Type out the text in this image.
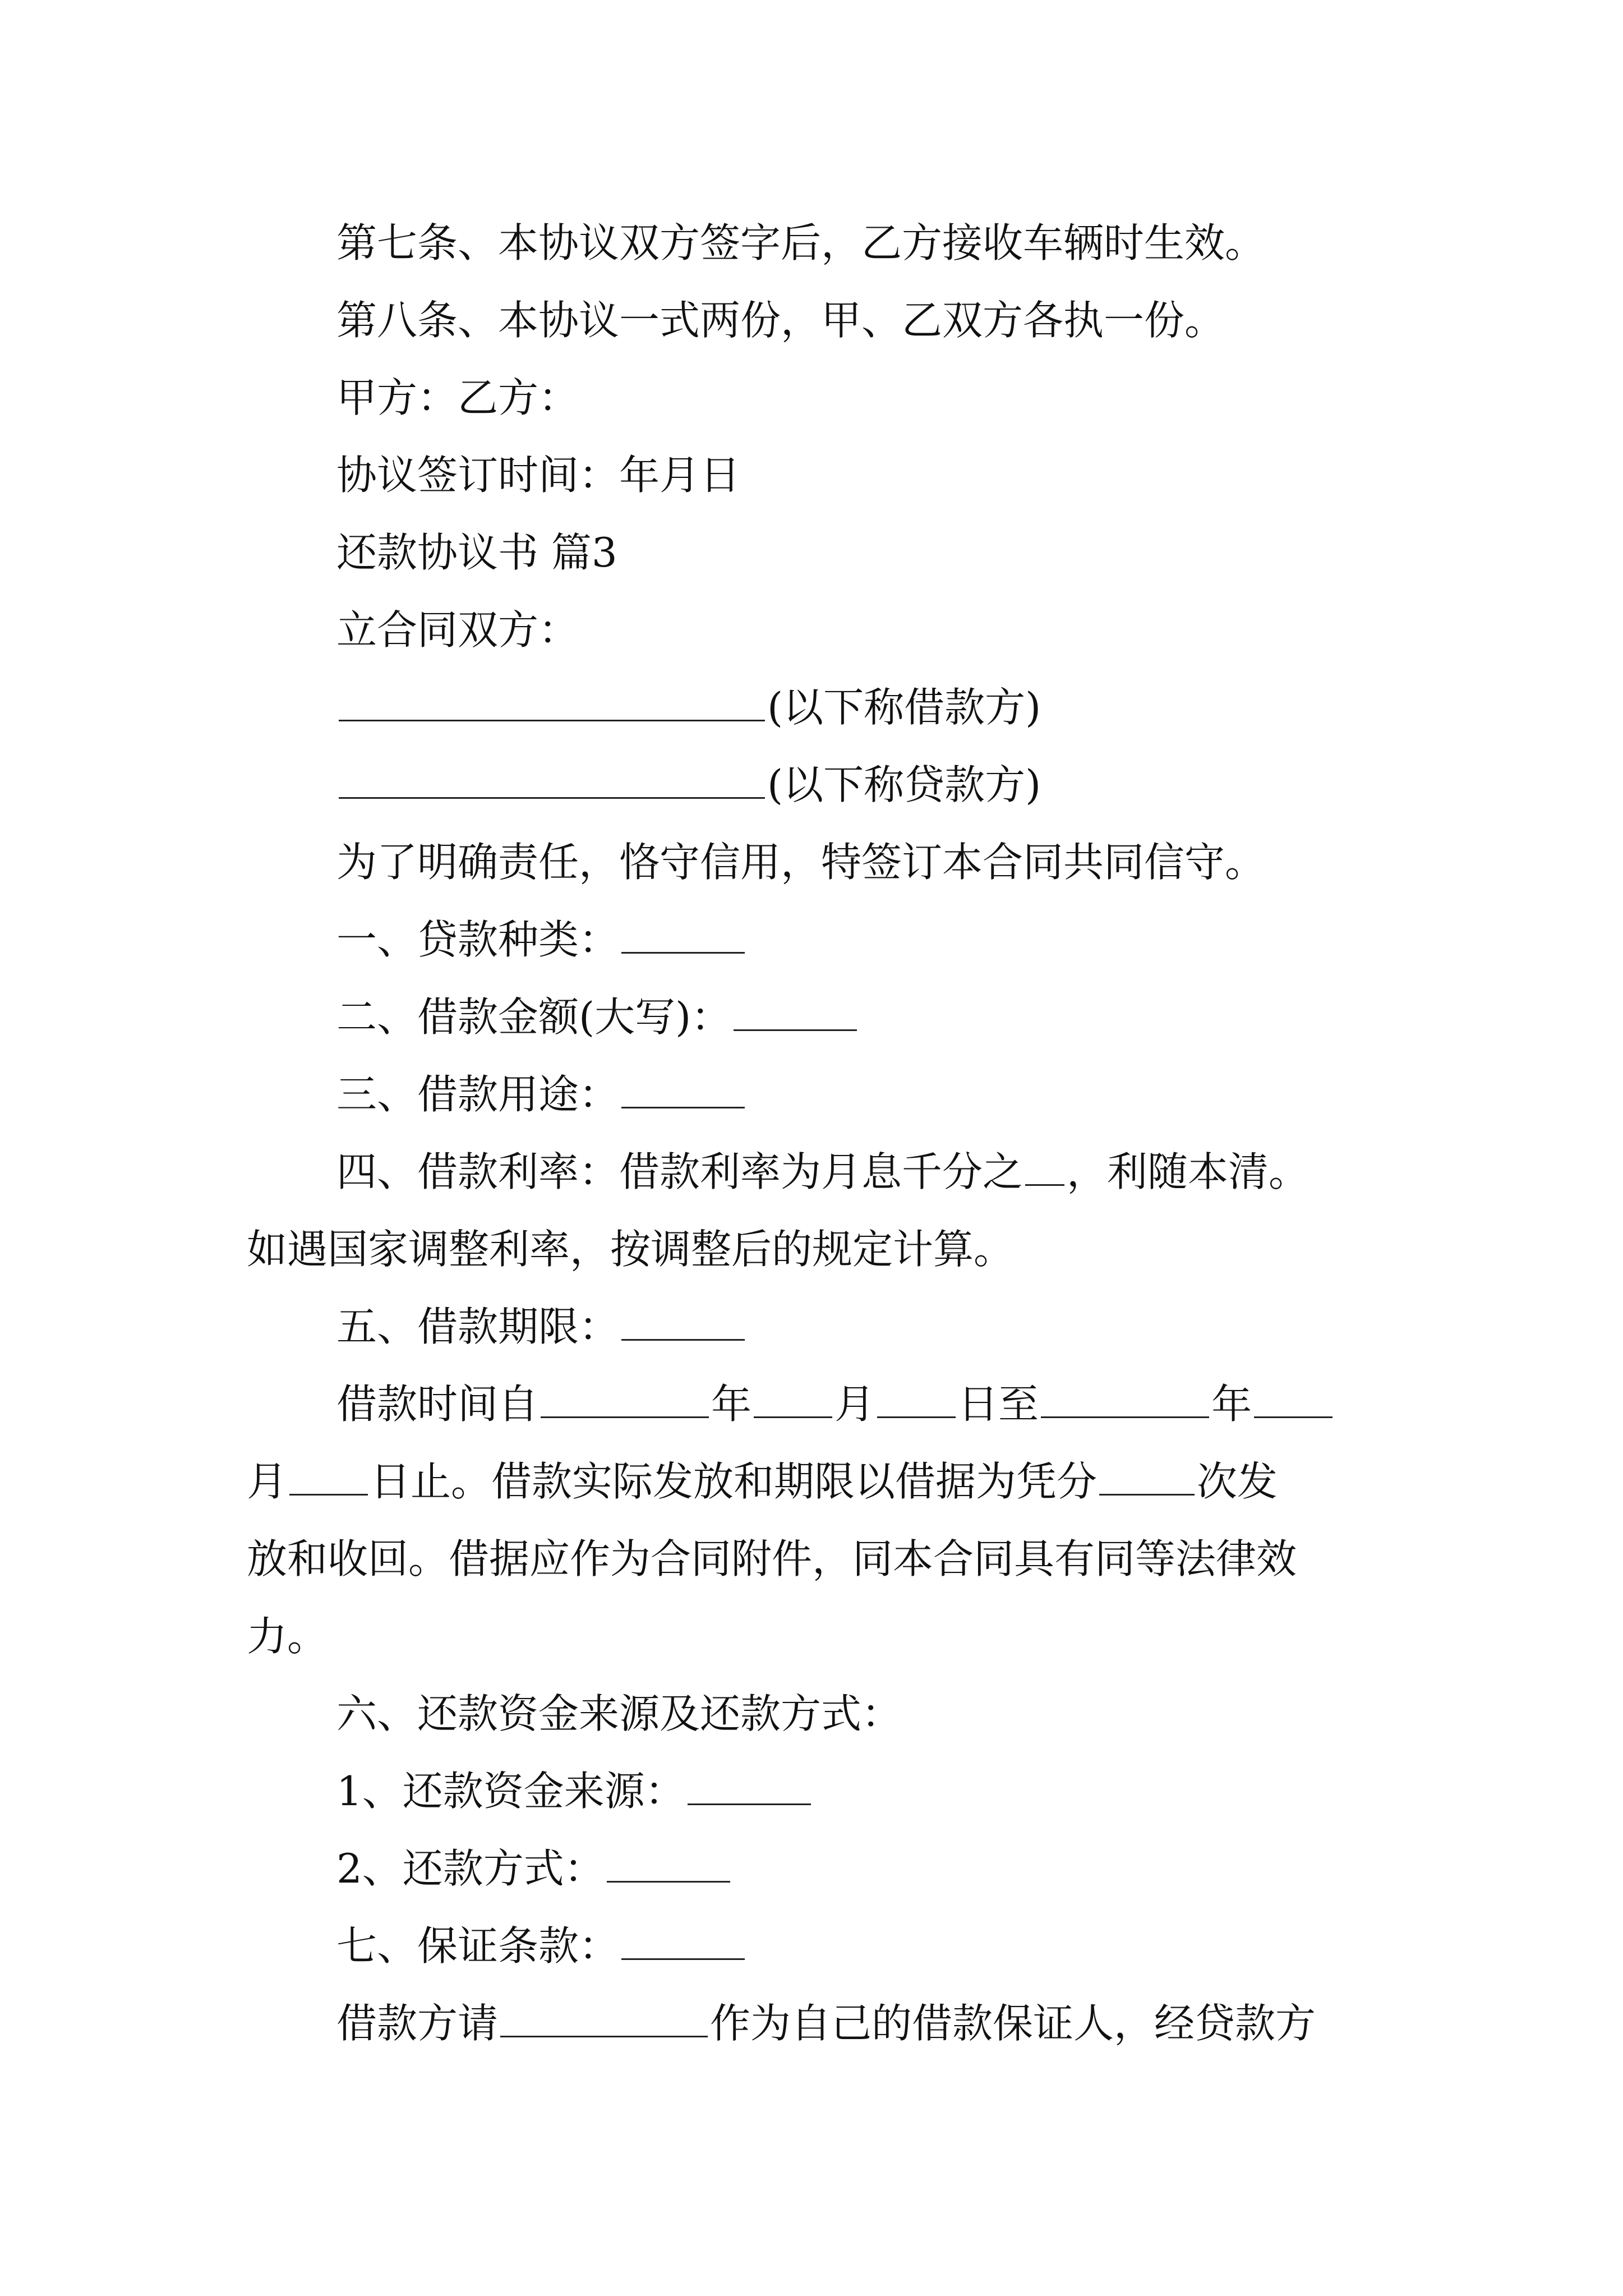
第七条、本协议双方签字后，乙方接收车辆时生效。
第八条、本协议一式两份，甲、乙双方各执一份。
甲方：乙方：
协议签订时间：年月日
还款协议书 篇3
立合同双方：
(以下称借款方)
(以下称贷款方)
为了明确责任，恪守信用，特签订本合同共同信守。
一、贷款种类：
二、借款金额(大写)：
三、借款用途：
四、借款利率：借款利率为月息千分之 ，利随本清。
如遇国家调整利率，按调整后的规定计算。
五、借款期限：
借款时间自	年 月 日至	年
月 日止。借款实际发放和期限以借据为凭分 次发
放和收回。借据应作为合同附件，同本合同具有同等法律效
力。
六、还款资金来源及还款方式：
1、还款资金来源：
2、还款方式：
七、保证条款：
借款方请	作为自己的借款保证人，经贷款方
